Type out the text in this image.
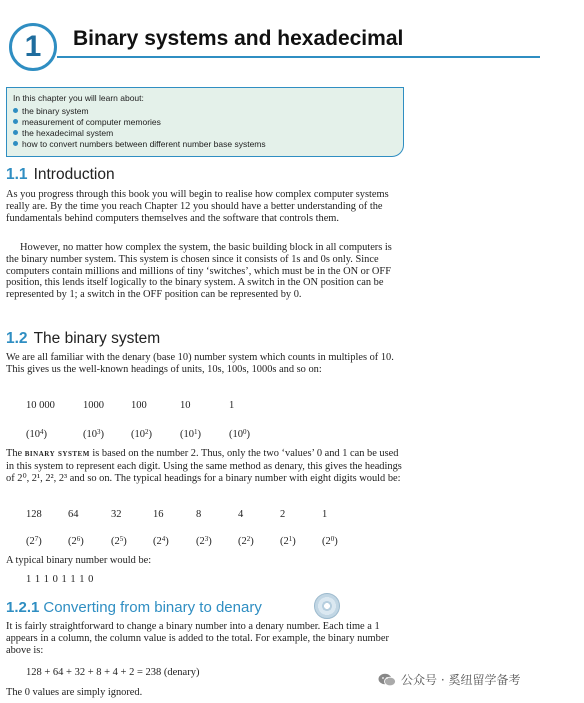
1	Binary systems and hexadecimal
In this chapter you will learn about:
the binary system
measurement of computer memories
the hexadecimal system
how to convert numbers between different number base systems
1.1 Introduction
As you progress through this book you will begin to realise how complex computer systems really are. By the time you reach Chapter 12 you should have a better understanding of the fundamentals behind computers themselves and the software that controls them.
However, no matter how complex the system, the basic building block in all computers is the binary number system. This system is chosen since it consists of 1s and 0s only. Since computers contain millions and millions of tiny ‘switches’, which must be in the ON or OFF position, this lends itself logically to the binary system. A switch in the ON position can be represented by 1; a switch in the OFF position can be represented by 0.
1.2 The binary system
We are all familiar with the denary (base 10) number system which counts in multiples of 10. This gives us the well-known headings of units, 10s, 100s, 1000s and so on:
10 000	1000	100	10	1
$(10^4)$	$(10^3)$	$(10^2)$	$(10^1)$	$(10^0)$
The binary system is based on the number 2. Thus, only the two ‘values’ 0 and 1 can be used in this system to represent each digit. Using the same method as denary, this gives the headings of 2⁰, 2¹, 2², 2³ and so on. The typical headings for a binary number with eight digits would be:
128	64	32	16	8	4	2	1
$(2^7)$	$(2^6)$	$(2^5)$	$(2^4)$	$(2^3)$	$(2^2)$	$(2^1)$	$(2^0)$
A typical binary number would be:
1 1 1 0 1 1 1 0
1.2.1 Converting from binary to denary
It is fairly straightforward to change a binary number into a denary number. Each time a 1 appears in a column, the column value is added to the total. For example, the binary number above is:
128 + 64 + 32 + 8 + 4 + 2 = 238 (denary)
The 0 values are simply ignored.
公众号 · 奚纽留学备考
